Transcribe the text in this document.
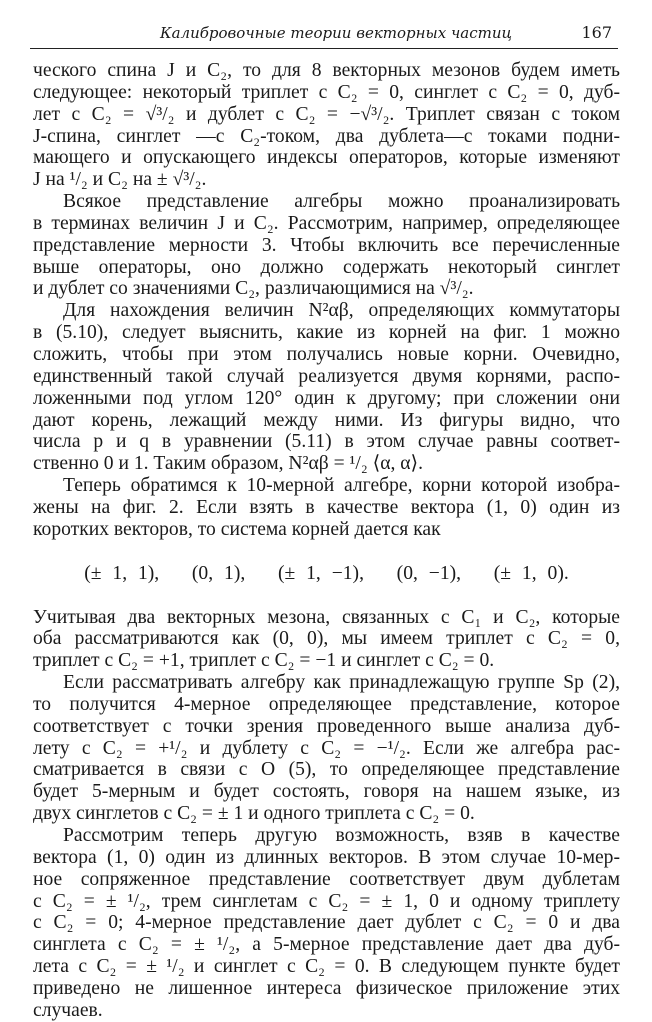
Калибровочные теории векторных частиц	167
ческого спина J и C₂, то для 8 векторных мезонов будем иметь
следующее: некоторый триплет с C₂ = 0, синглет с C₂ = 0, дуб-
лет с C₂ = √³/₂ и дублет с C₂ = −√³/₂. Триплет связан с током
J-спина, синглет —с C₂-током, два дублета—с токами подни-
мающего и опускающего индексы операторов, которые изменяют
J на ¹/₂ и C₂ на ± √³/₂.
Всякое представление алгебры можно проанализировать
в терминах величин J и C₂. Рассмотрим, например, определяющее
представление мерности 3. Чтобы включить все перечисленные
выше операторы, оно должно содержать некоторый синглет
и дублет со значениями C₂, различающимися на √³/₂.
Для нахождения величин N²αβ, определяющих коммутаторы
в (5.10), следует выяснить, какие из корней на фиг. 1 можно
сложить, чтобы при этом получались новые корни. Очевидно,
единственный такой случай реализуется двумя корнями, распо-
ложенными под углом 120° один к другому; при сложении они
дают корень, лежащий между ними. Из фигуры видно, что
числа p и q в уравнении (5.11) в этом случае равны соответ-
ственно 0 и 1. Таким образом, N²αβ = ¹/₂ ⟨α, α⟩.
Теперь обратимся к 10-мерной алгебре, корни которой изобра-
жены на фиг. 2. Если взять в качестве вектора (1, 0) один из
коротких векторов, то система корней дается как
(± 1, 1),   (0, 1),   (± 1, −1),   (0, −1),   (± 1, 0).
Учитывая два векторных мезона, связанных с C₁ и C₂, которые
оба рассматриваются как (0, 0), мы имеем триплет с C₂ = 0,
триплет с C₂ = +1, триплет с C₂ = −1 и синглет с C₂ = 0.
Если рассматривать алгебру как принадлежащую группе Sp (2),
то получится 4-мерное определяющее представление, которое
соответствует с точки зрения проведенного выше анализа дуб-
лету с C₂ = +¹/₂ и дублету с C₂ = −¹/₂. Если же алгебра рас-
сматривается в связи с O (5), то определяющее представление
будет 5-мерным и будет состоять, говоря на нашем языке, из
двух синглетов с C₂ = ± 1 и одного триплета с C₂ = 0.
Рассмотрим теперь другую возможность, взяв в качестве
вектора (1, 0) один из длинных векторов. В этом случае 10-мер-
ное сопряженное представление соответствует двум дублетам
с C₂ = ± ¹/₂, трем синглетам с C₂ = ± 1, 0 и одному триплету
с C₂ = 0; 4-мерное представление дает дублет с C₂ = 0 и два
синглета с C₂ = ± ¹/₂, а 5-мерное представление дает два дуб-
лета с C₂ = ± ¹/₂ и синглет с C₂ = 0. В следующем пункте будет
приведено не лишенное интереса физическое приложение этих
случаев.
